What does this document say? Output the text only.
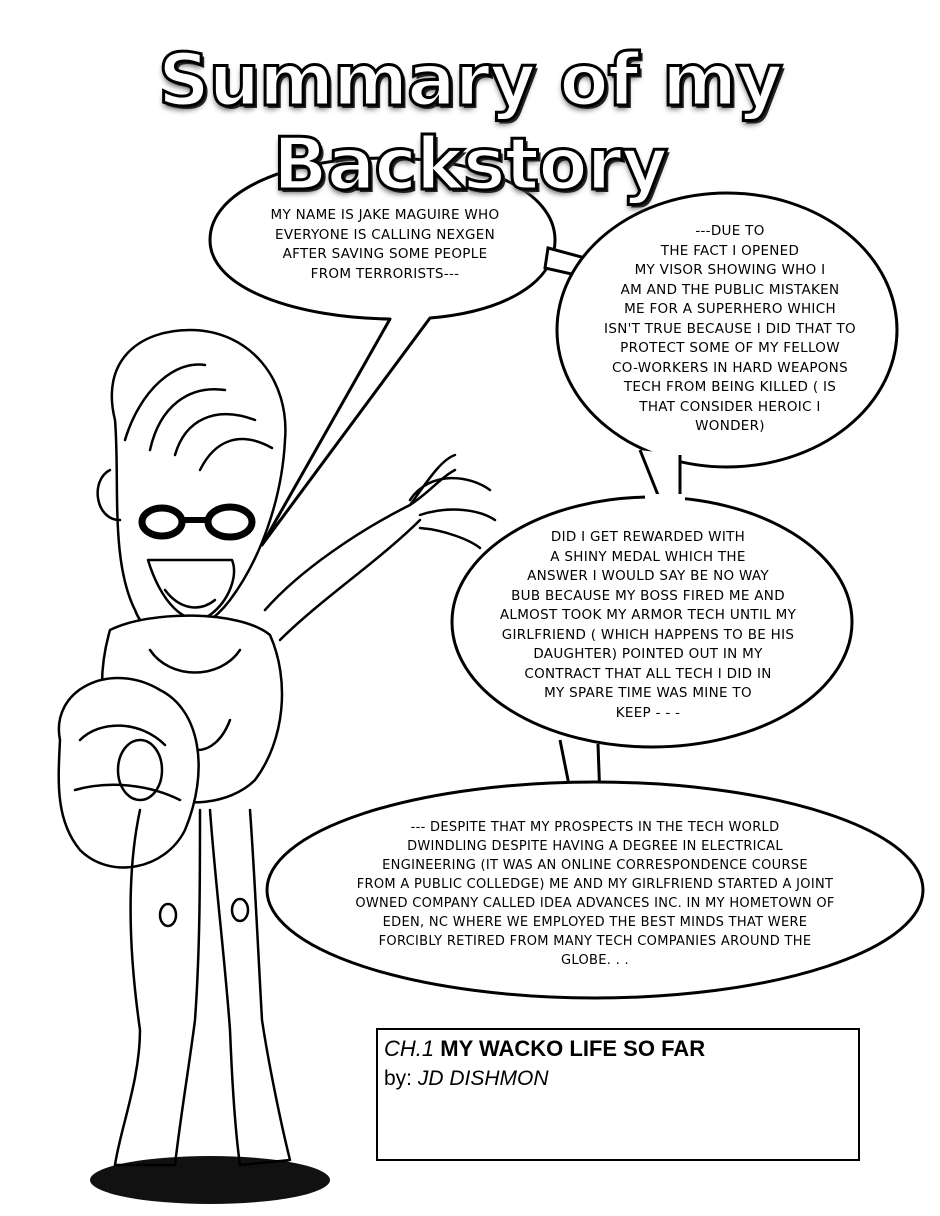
Summary of my Backstory
MY NAME IS JAKE MAGUIRE WHO
EVERYONE IS CALLING NEXGEN
AFTER SAVING SOME PEOPLE
FROM TERRORISTS---
---DUE TO
THE FACT I OPENED
MY VISOR SHOWING WHO I
AM AND THE PUBLIC MISTAKEN
ME FOR A SUPERHERO WHICH
ISN'T TRUE BECAUSE I DID THAT TO
PROTECT SOME OF MY FELLOW
CO-WORKERS IN HARD WEAPONS
TECH FROM BEING KILLED ( IS
THAT CONSIDER HEROIC I
WONDER)
DID I GET REWARDED WITH
A SHINY MEDAL WHICH THE
ANSWER I WOULD SAY BE NO WAY
BUB BECAUSE MY BOSS FIRED ME AND
ALMOST TOOK MY ARMOR TECH UNTIL MY
GIRLFRIEND ( WHICH HAPPENS TO BE HIS
DAUGHTER) POINTED OUT IN MY
CONTRACT THAT ALL TECH I DID IN
MY SPARE TIME WAS MINE TO
KEEP - - -
--- DESPITE THAT MY PROSPECTS IN THE TECH WORLD
DWINDLING DESPITE HAVING A DEGREE IN ELECTRICAL
ENGINEERING (IT WAS AN ONLINE CORRESPONDENCE COURSE
FROM A PUBLIC COLLEDGE) ME AND MY GIRLFRIEND STARTED A JOINT
OWNED COMPANY CALLED IDEA ADVANCES INC. IN MY HOMETOWN OF
EDEN, NC WHERE WE EMPLOYED THE BEST MINDS THAT WERE
FORCIBLY RETIRED FROM MANY TECH COMPANIES AROUND THE
GLOBE. . .
CH.1 MY WACKO LIFE SO FAR
by: JD DISHMON
